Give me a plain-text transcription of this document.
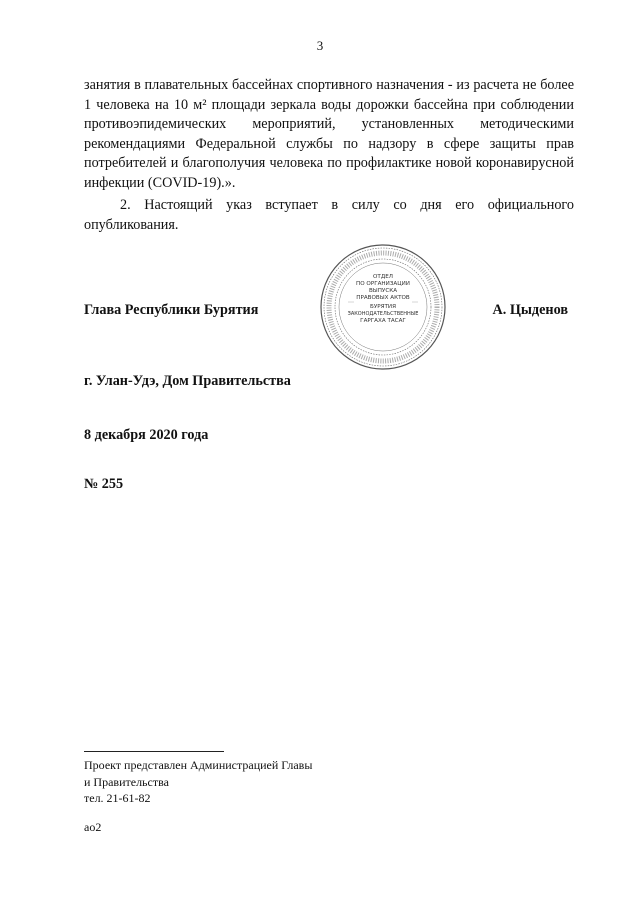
3

занятия в плавательных бассейнах спортивного назначения - из расчета не более 1 человека на 10 м² площади зеркала воды дорожки бассейна при соблюдении противоэпидемических мероприятий, установленных методическими рекомендациями Федеральной службы по надзору в сфере защиты прав потребителей и благополучия человека по профилактике новой коронавирусной инфекции (COVID-19).».

2. Настоящий указ вступает в силу со дня его официального опубликования.

Глава Республики Бурятия	А. Цыденов
ОТДЕЛ
ПО ОРГАНИЗАЦИИ
ВЫПУСКА
ПРАВОВЫХ АКТОВ
БУРЯТИЯ
ЗАКОНОДАТЕЛЬСТВЕННЫЕ
ГАРГАХА ТАСАГ
г. Улан-Удэ, Дом Правительства
8 декабря 2020 года
№ 255
Проект представлен Администрацией Главы
и Правительства
тел. 21-61-82
ао2
